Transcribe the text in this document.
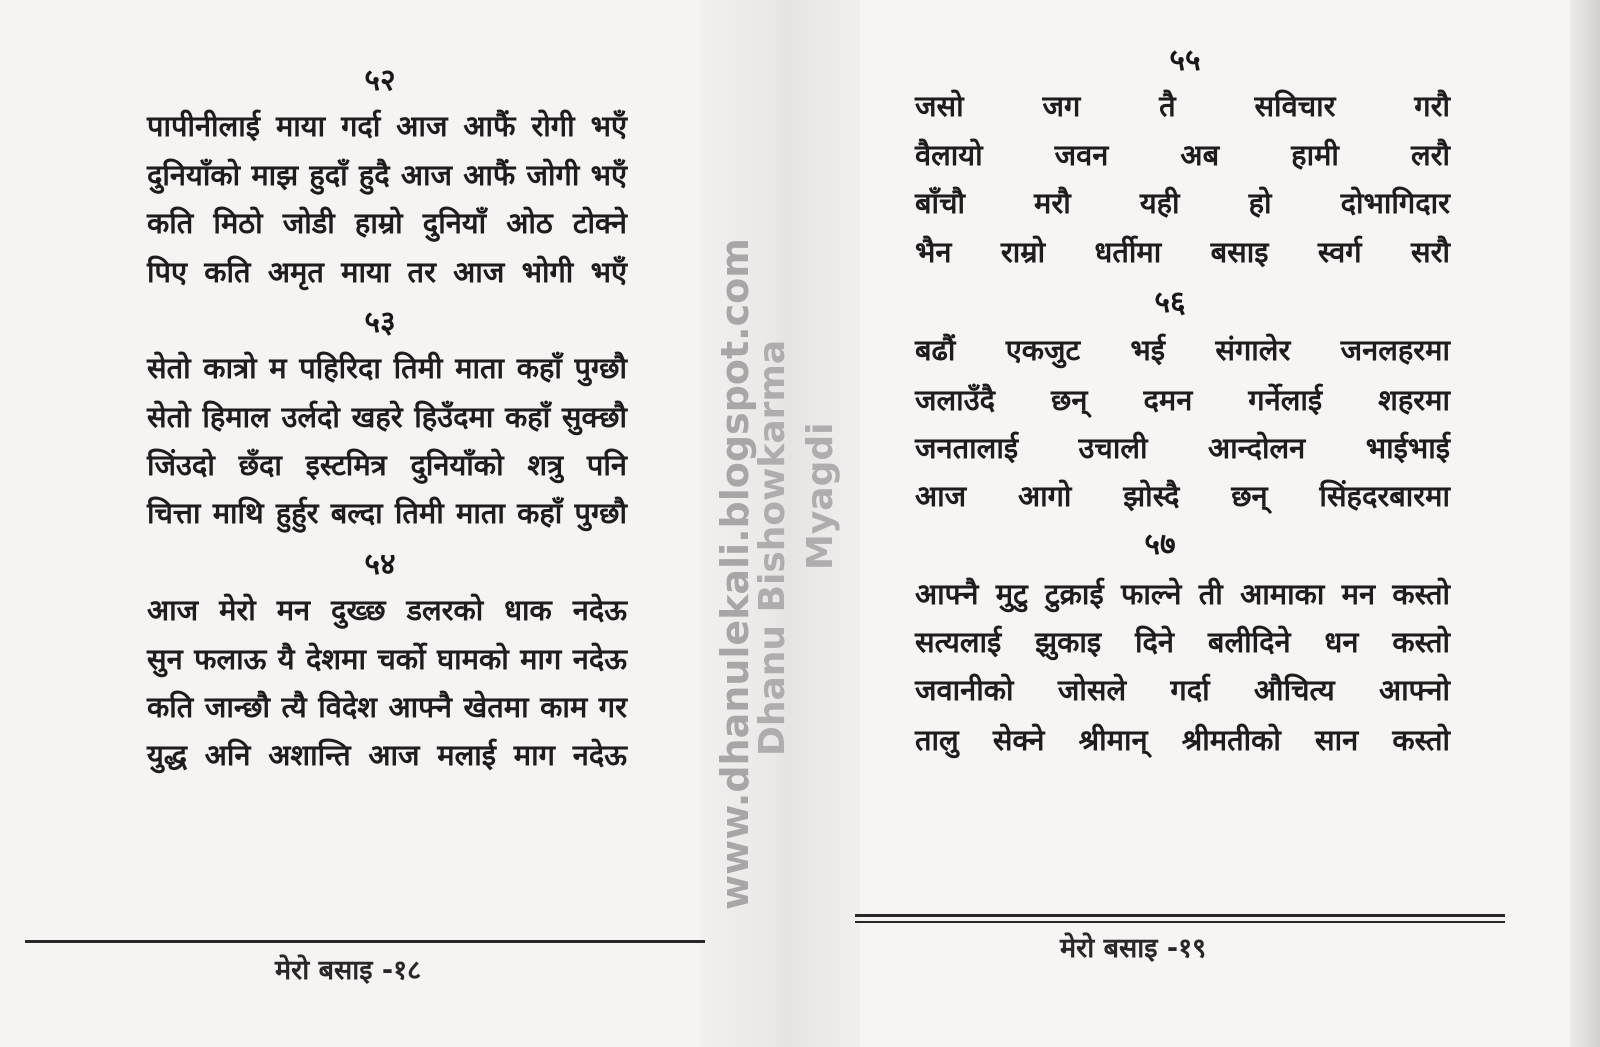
५२
पापीनीलाई माया गर्दा आज आफैं रोगी भएँ
दुनियाँको माझ हुदाँ हुदै आज आफैं जोगी भएँ
कति मिठो जोडी हाम्रो दुनियाँ ओठ टोक्ने
पिए कति अमृत माया तर आज भोगी भएँ
५३
सेतो कात्रो म पहिरिदा तिमी माता कहाँ पुग्छौ
सेतो हिमाल उर्लदो खहरे हिउँदमा कहाँ सुक्छौ
जिंउदो छँदा इस्टमित्र दुनियाँको शत्रु पनि
चित्ता माथि हुर्हुर बल्दा तिमी माता कहाँ पुग्छौ
५४
आज मेरो मन दुख्छ डलरको धाक नदेऊ
सुन फलाऊ यै देशमा चर्को घामको माग नदेऊ
कति जान्छौ त्यै विदेश आफ्नै खेतमा काम गर
युद्ध अनि अशान्ति आज मलाई माग नदेऊ
मेरो बसाइ -१८
५५
जसो जग तै सविचार गरौ
वैलायो जवन अब हामी लरौ
बाँचौ मरौ यही हो दोभागिदार
भैन राम्रो धर्तीमा बसाइ स्वर्ग सरौ
५६
बढौं एकजुट भई संगालेर जनलहरमा
जलाउँदै छन् दमन गर्नेलाई शहरमा
जनतालाई उचाली आन्दोलन भाईभाई
आज आगो झोस्दै छन् सिंहदरबारमा
५७
आफ्नै मुटु टुक्राई फाल्ने ती आमाका मन कस्तो
सत्यलाई झुकाइ दिने बलीदिने धन कस्तो
जवानीको जोसले गर्दा औचित्य आफ्नो
तालु सेक्ने श्रीमान् श्रीमतीको सान कस्तो
मेरो बसाइ -१९
www.dhanulekali.blogspot.com
Dhanu Bishowkarma Myagdi
